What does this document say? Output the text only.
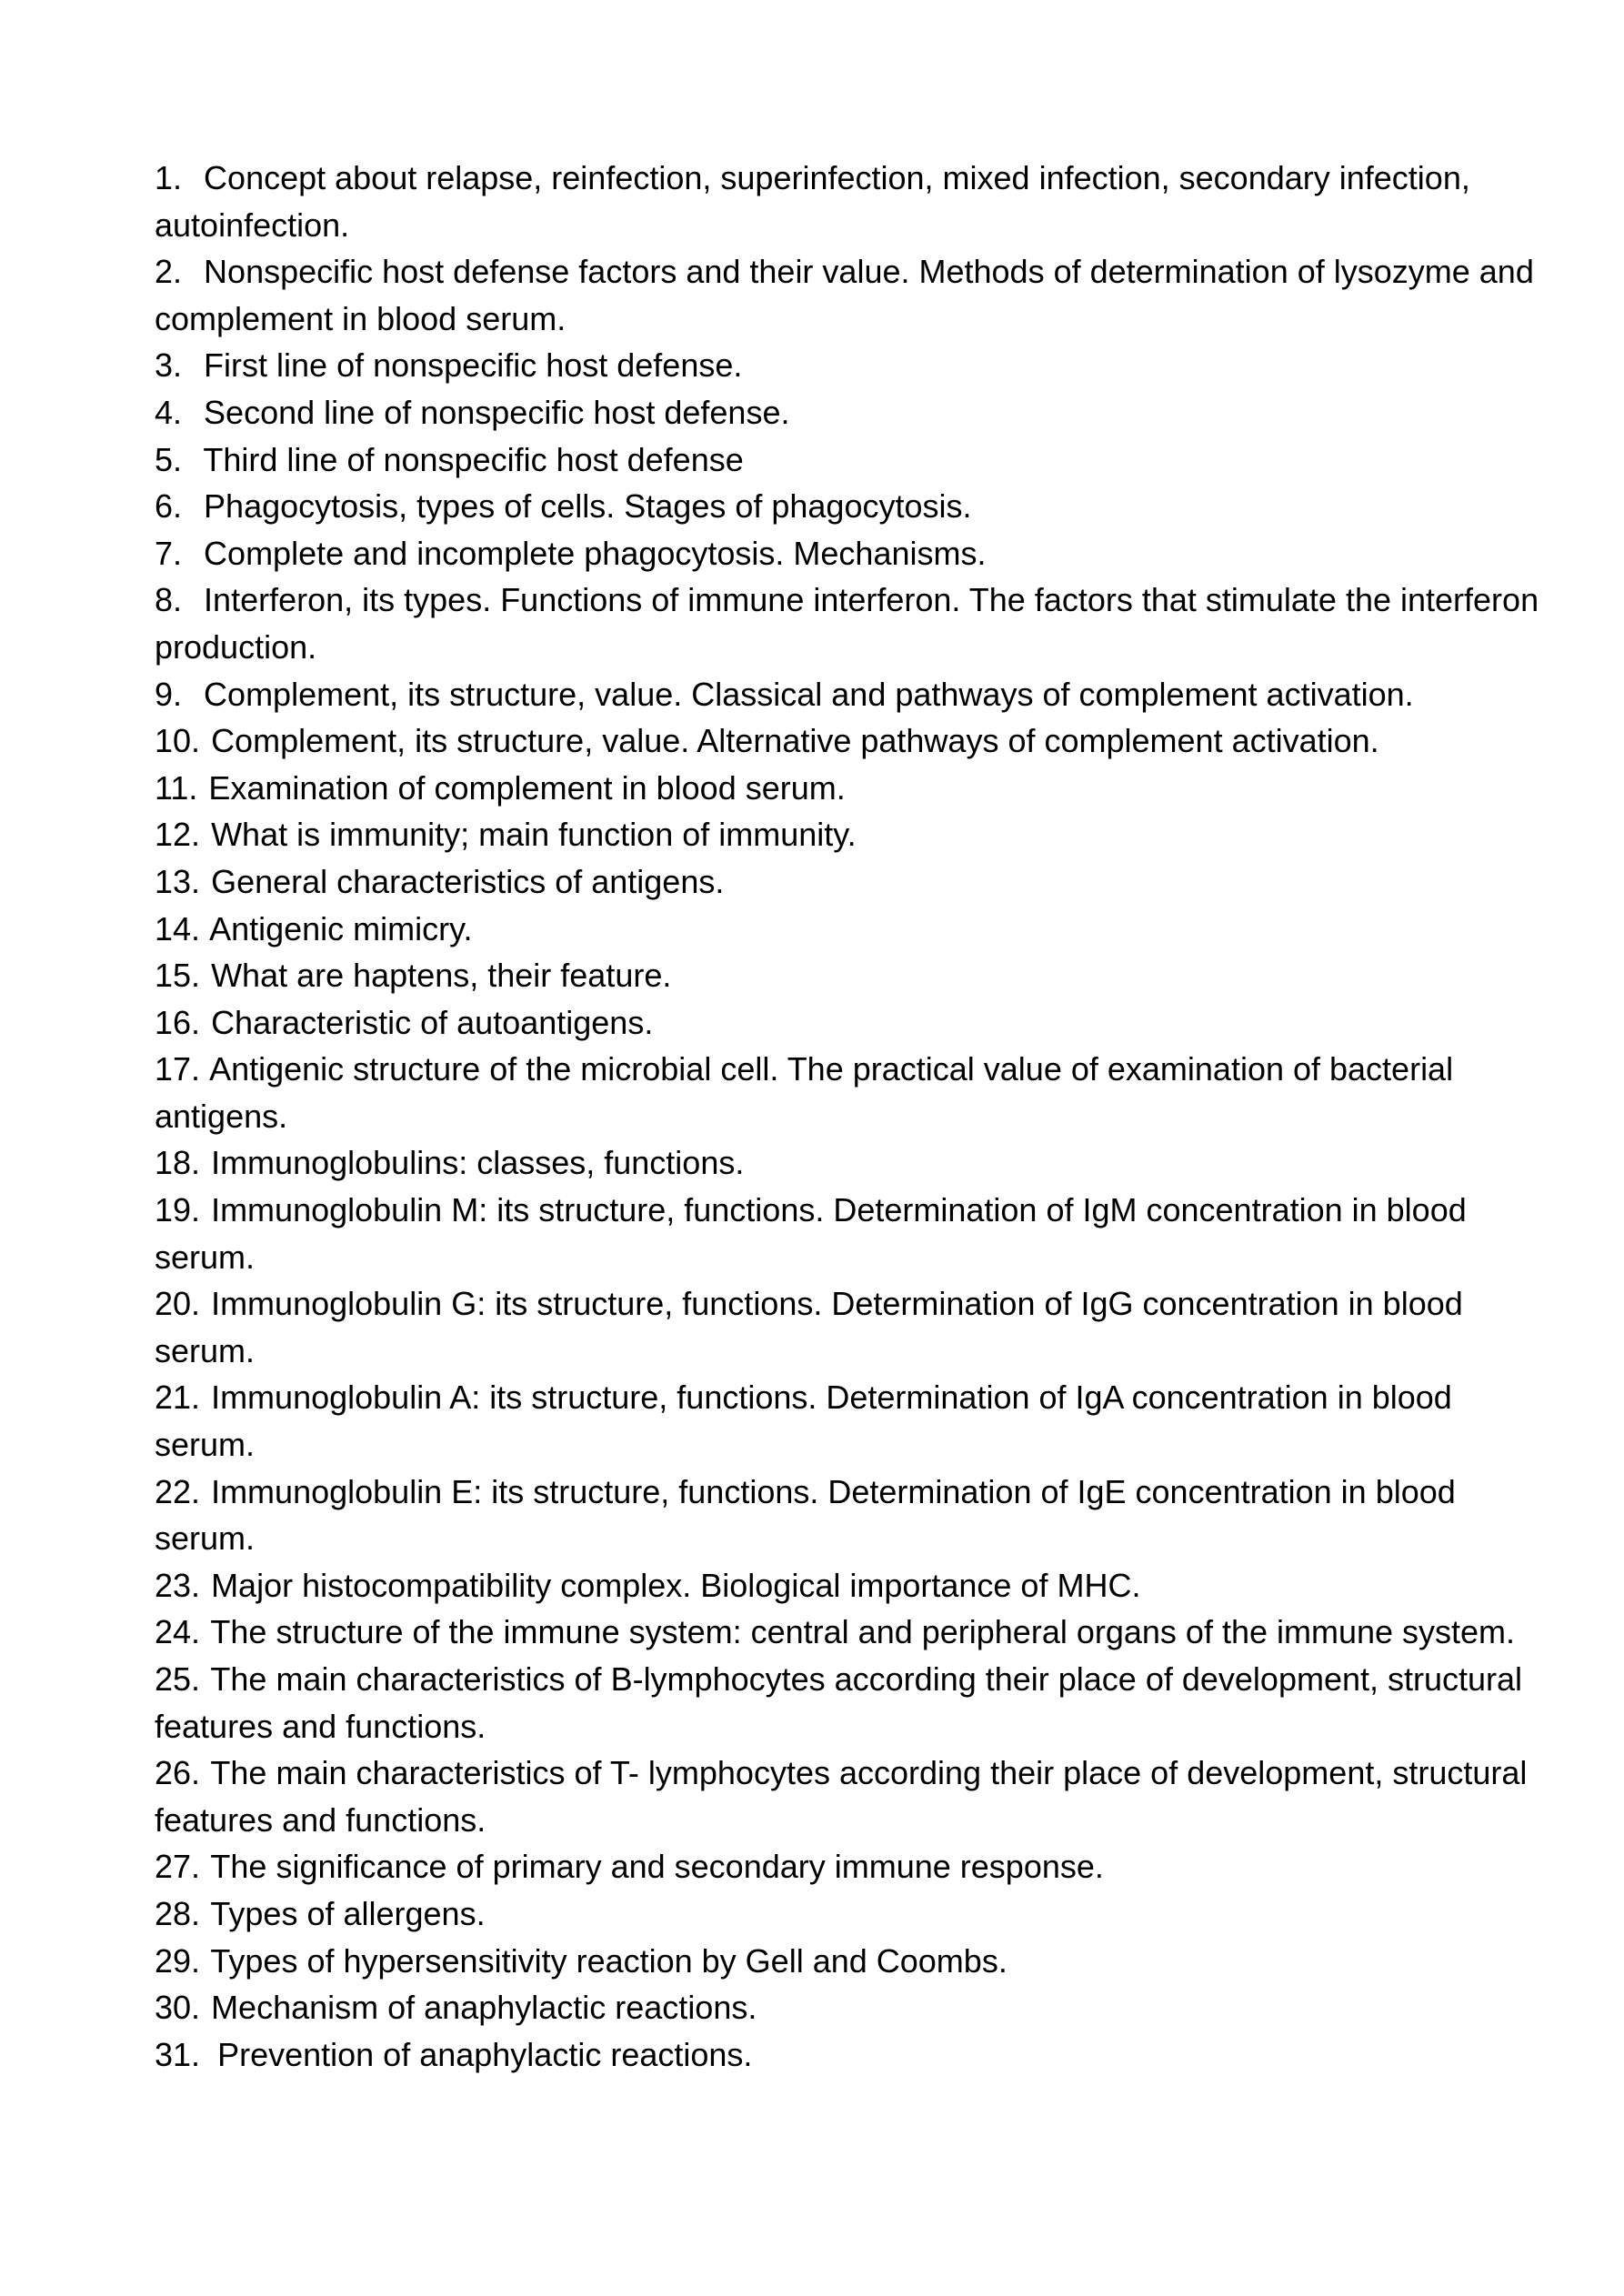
1. Concept about relapse, reinfection, superinfection, mixed infection, secondary infection, autoinfection.
2. Nonspecific host defense factors and their value. Methods of determination of lysozyme and complement in blood serum.
3. First line of nonspecific host defense.
4. Second line of nonspecific host defense.
5. Third line of nonspecific host defense
6. Phagocytosis, types of cells. Stages of phagocytosis.
7. Complete and incomplete phagocytosis. Mechanisms.
8. Interferon, its types. Functions of immune interferon. The factors that stimulate the interferon production.
9. Complement, its structure, value. Classical and pathways of complement activation.
10. Complement, its structure, value. Alternative pathways of complement activation.
11. Examination of complement in blood serum.
12. What is immunity; main function of immunity.
13. General characteristics of antigens.
14. Antigenic mimicry.
15. What are haptens, their feature.
16. Characteristic of autoantigens.
17. Antigenic structure of the microbial cell. The practical value of examination of bacterial antigens.
18. Immunoglobulins: classes, functions.
19. Immunoglobulin M: its structure, functions. Determination of IgM concentration in blood serum.
20. Immunoglobulin G: its structure, functions. Determination of IgG concentration in blood serum.
21. Immunoglobulin A: its structure, functions. Determination of IgA concentration in blood serum.
22. Immunoglobulin E: its structure, functions. Determination of IgE concentration in blood serum.
23. Major histocompatibility complex. Biological importance of MHC.
24. The structure of the immune system: central and peripheral organs of the immune system.
25. The main characteristics of B-lymphocytes according their place of development, structural features and functions.
26. The main characteristics of T- lymphocytes according their place of development, structural features and functions.
27. The significance of primary and secondary immune response.
28. Types of allergens.
29. Types of hypersensitivity reaction by Gell and Coombs.
30. Mechanism of anaphylactic reactions.
31. Prevention of anaphylactic reactions.
